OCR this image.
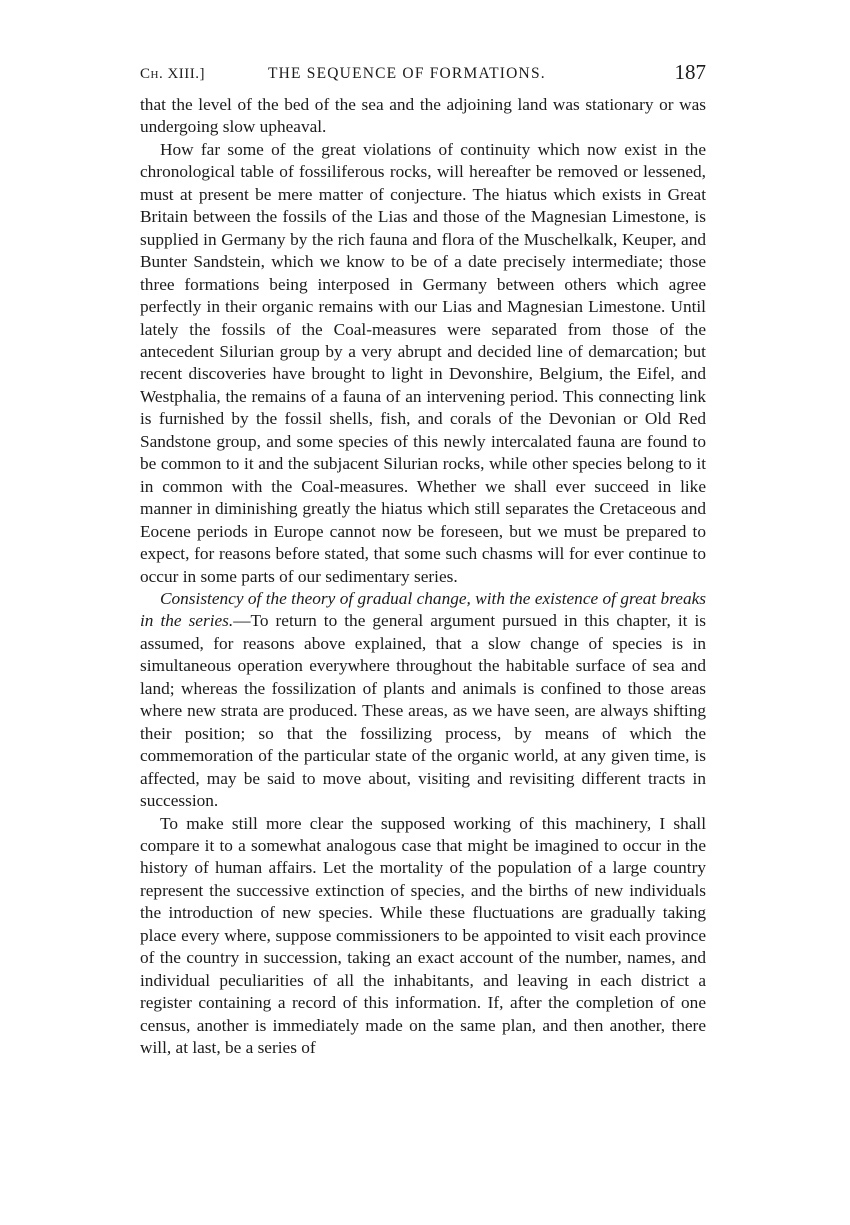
Ch. XIII.]	THE SEQUENCE OF FORMATIONS.	187

that the level of the bed of the sea and the adjoining land was stationary or was undergoing slow upheaval.

How far some of the great violations of continuity which now exist in the chronological table of fossiliferous rocks, will hereafter be removed or lessened, must at present be mere matter of conjecture. The hiatus which exists in Great Britain between the fossils of the Lias and those of the Magnesian Limestone, is supplied in Germany by the rich fauna and flora of the Muschelkalk, Keuper, and Bunter Sandstein, which we know to be of a date precisely intermediate; those three formations being interposed in Germany between others which agree perfectly in their organic remains with our Lias and Magnesian Limestone. Until lately the fossils of the Coal-measures were separated from those of the antecedent Silurian group by a very abrupt and decided line of demarcation; but recent discoveries have brought to light in Devonshire, Belgium, the Eifel, and Westphalia, the remains of a fauna of an intervening period. This connecting link is furnished by the fossil shells, fish, and corals of the Devonian or Old Red Sandstone group, and some species of this newly intercalated fauna are found to be common to it and the subjacent Silurian rocks, while other species belong to it in common with the Coal-measures. Whether we shall ever succeed in like manner in diminishing greatly the hiatus which still separates the Cretaceous and Eocene periods in Europe cannot now be foreseen, but we must be prepared to expect, for reasons before stated, that some such chasms will for ever continue to occur in some parts of our sedimentary series.

Consistency of the theory of gradual change, with the existence of great breaks in the series.—To return to the general argument pursued in this chapter, it is assumed, for reasons above explained, that a slow change of species is in simultaneous operation everywhere throughout the habitable surface of sea and land; whereas the fossilization of plants and animals is confined to those areas where new strata are produced. These areas, as we have seen, are always shifting their position; so that the fossilizing process, by means of which the commemoration of the particular state of the organic world, at any given time, is affected, may be said to move about, visiting and revisiting different tracts in succession.

To make still more clear the supposed working of this machinery, I shall compare it to a somewhat analogous case that might be imagined to occur in the history of human affairs. Let the mortality of the population of a large country represent the successive extinction of species, and the births of new individuals the introduction of new species. While these fluctuations are gradually taking place every where, suppose commissioners to be appointed to visit each province of the country in succession, taking an exact account of the number, names, and individual peculiarities of all the inhabitants, and leaving in each district a register containing a record of this information. If, after the completion of one census, another is immediately made on the same plan, and then another, there will, at last, be a series of
